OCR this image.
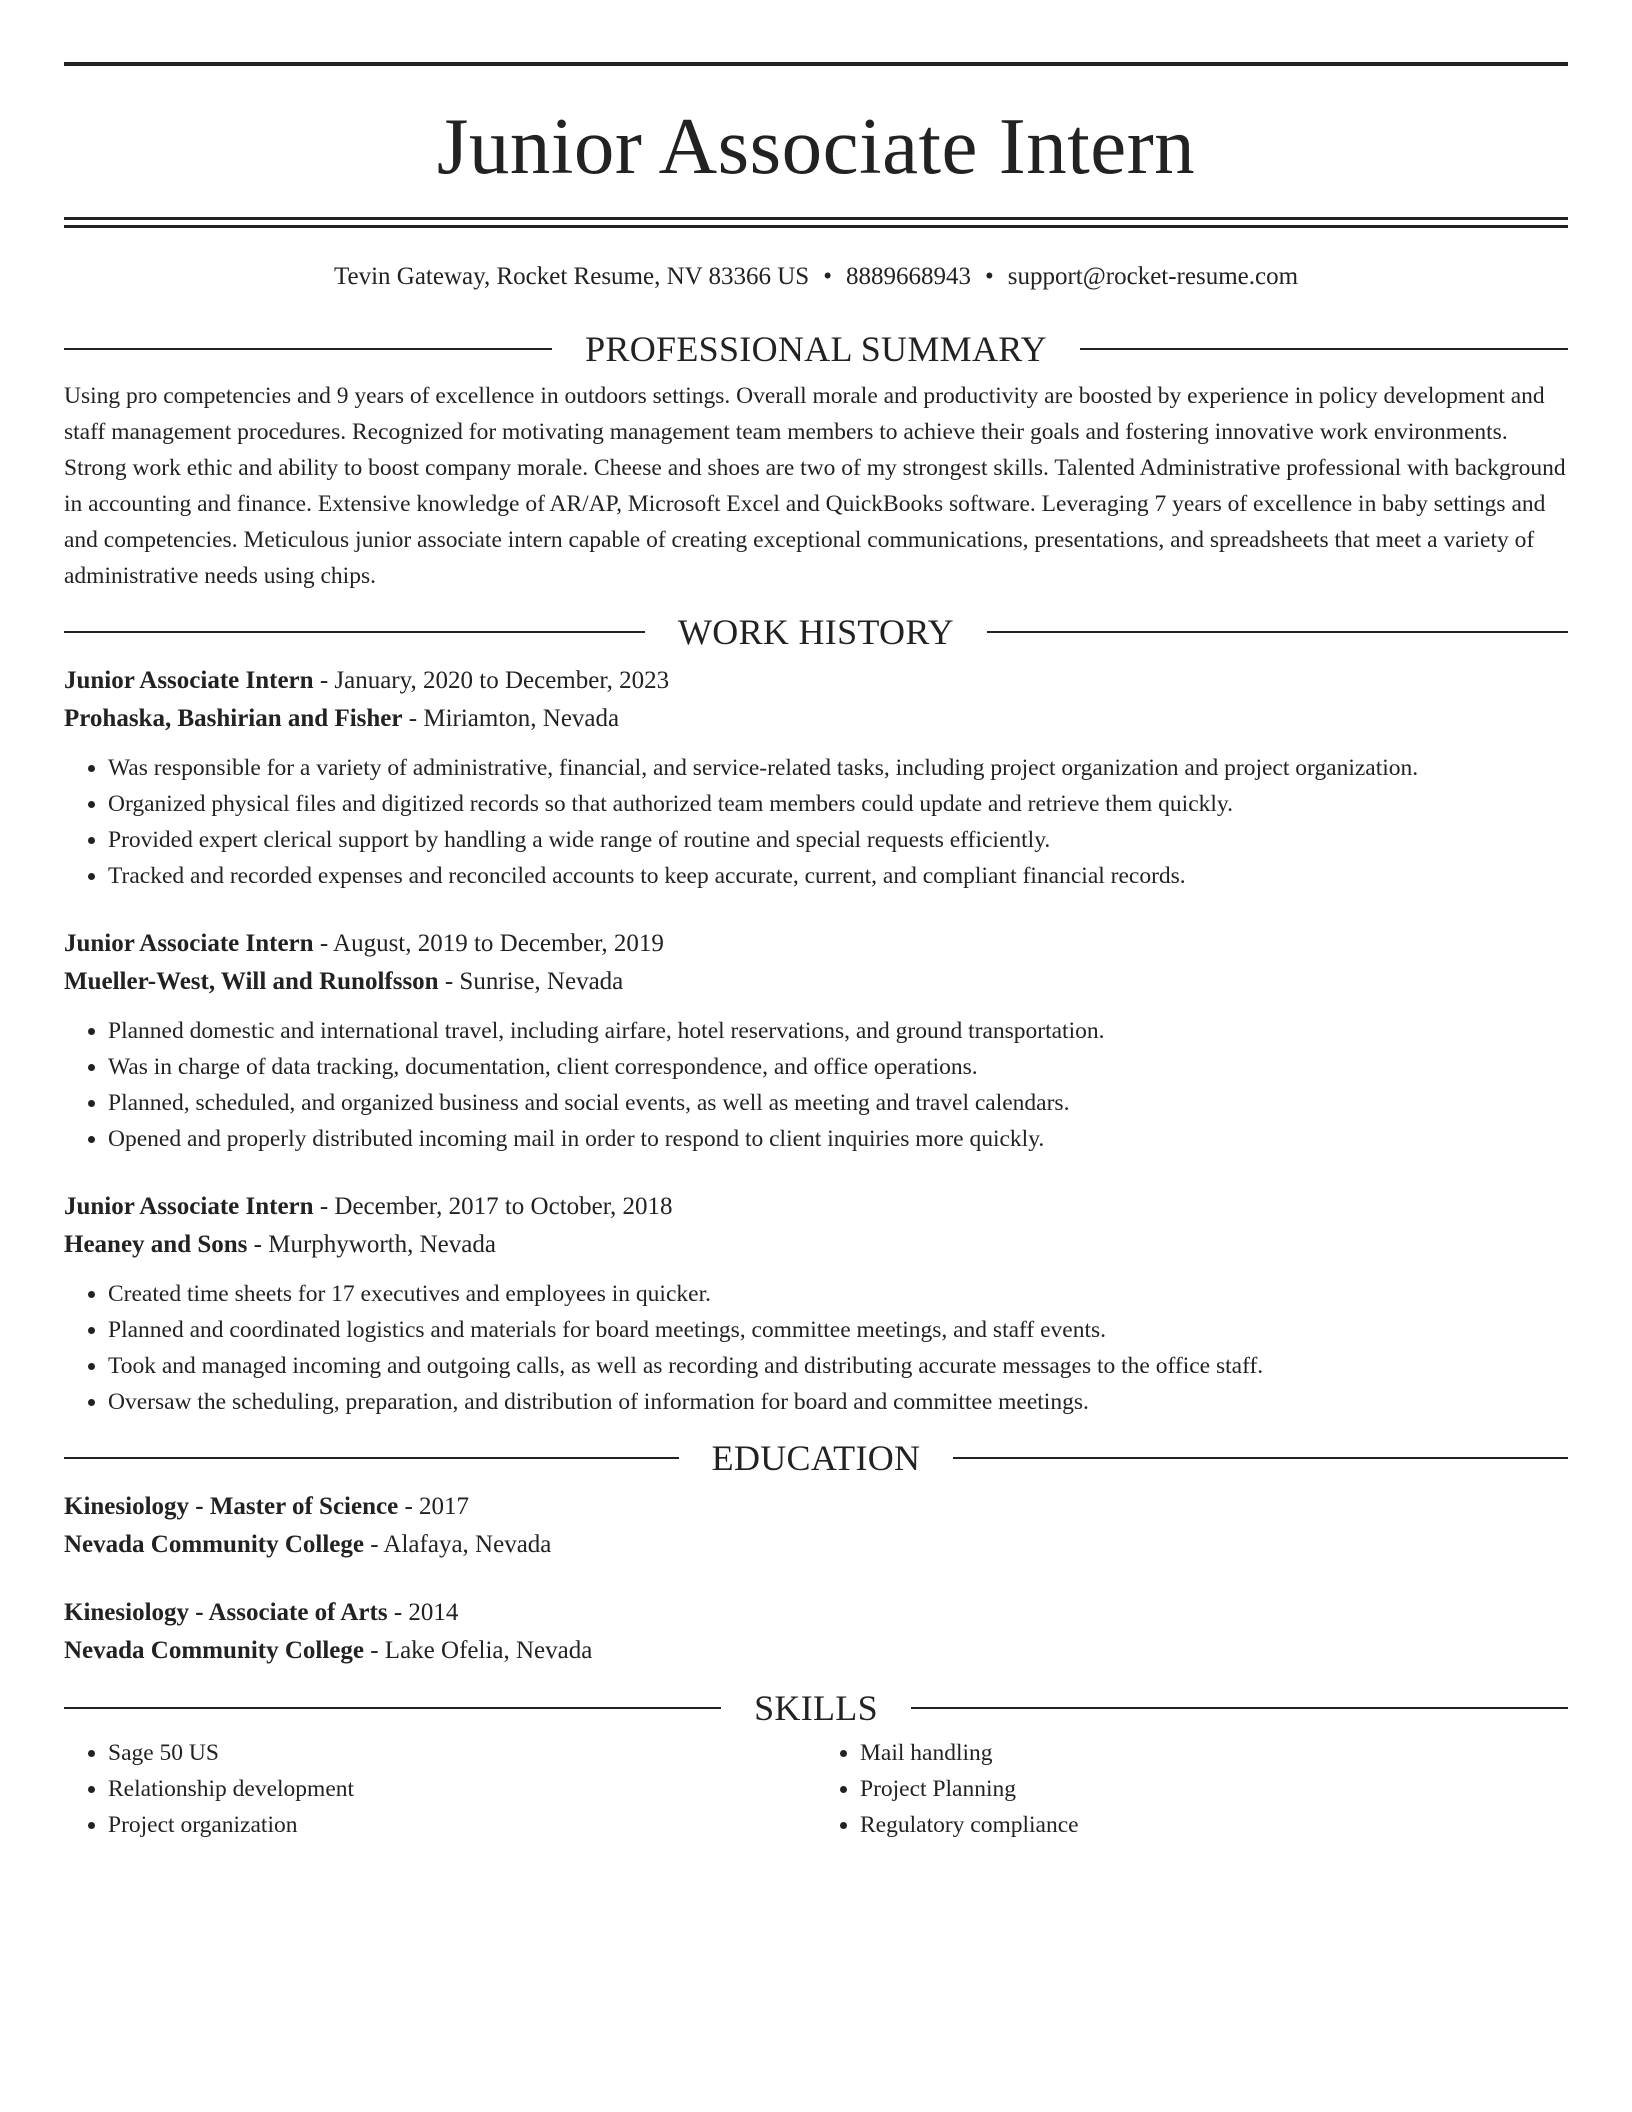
Junior Associate Intern
Tevin Gateway, Rocket Resume, NV 83366 US • 8889668943 • support@rocket-resume.com
PROFESSIONAL SUMMARY
Using pro competencies and 9 years of excellence in outdoors settings. Overall morale and productivity are boosted by experience in policy development and staff management procedures. Recognized for motivating management team members to achieve their goals and fostering innovative work environments. Strong work ethic and ability to boost company morale. Cheese and shoes are two of my strongest skills. Talented Administrative professional with background in accounting and finance. Extensive knowledge of AR/AP, Microsoft Excel and QuickBooks software. Leveraging 7 years of excellence in baby settings and and competencies. Meticulous junior associate intern capable of creating exceptional communications, presentations, and spreadsheets that meet a variety of administrative needs using chips.
WORK HISTORY
Junior Associate Intern - January, 2020 to December, 2023
Prohaska, Bashirian and Fisher - Miriamton, Nevada
• Was responsible for a variety of administrative, financial, and service-related tasks, including project organization and project organization.
• Organized physical files and digitized records so that authorized team members could update and retrieve them quickly.
• Provided expert clerical support by handling a wide range of routine and special requests efficiently.
• Tracked and recorded expenses and reconciled accounts to keep accurate, current, and compliant financial records.
Junior Associate Intern - August, 2019 to December, 2019
Mueller-West, Will and Runolfsson - Sunrise, Nevada
• Planned domestic and international travel, including airfare, hotel reservations, and ground transportation.
• Was in charge of data tracking, documentation, client correspondence, and office operations.
• Planned, scheduled, and organized business and social events, as well as meeting and travel calendars.
• Opened and properly distributed incoming mail in order to respond to client inquiries more quickly.
Junior Associate Intern - December, 2017 to October, 2018
Heaney and Sons - Murphyworth, Nevada
• Created time sheets for 17 executives and employees in quicker.
• Planned and coordinated logistics and materials for board meetings, committee meetings, and staff events.
• Took and managed incoming and outgoing calls, as well as recording and distributing accurate messages to the office staff.
• Oversaw the scheduling, preparation, and distribution of information for board and committee meetings.
EDUCATION
Kinesiology - Master of Science - 2017
Nevada Community College - Alafaya, Nevada
Kinesiology - Associate of Arts - 2014
Nevada Community College - Lake Ofelia, Nevada
SKILLS
• Sage 50 US
• Relationship development
• Project organization
• Mail handling
• Project Planning
• Regulatory compliance
